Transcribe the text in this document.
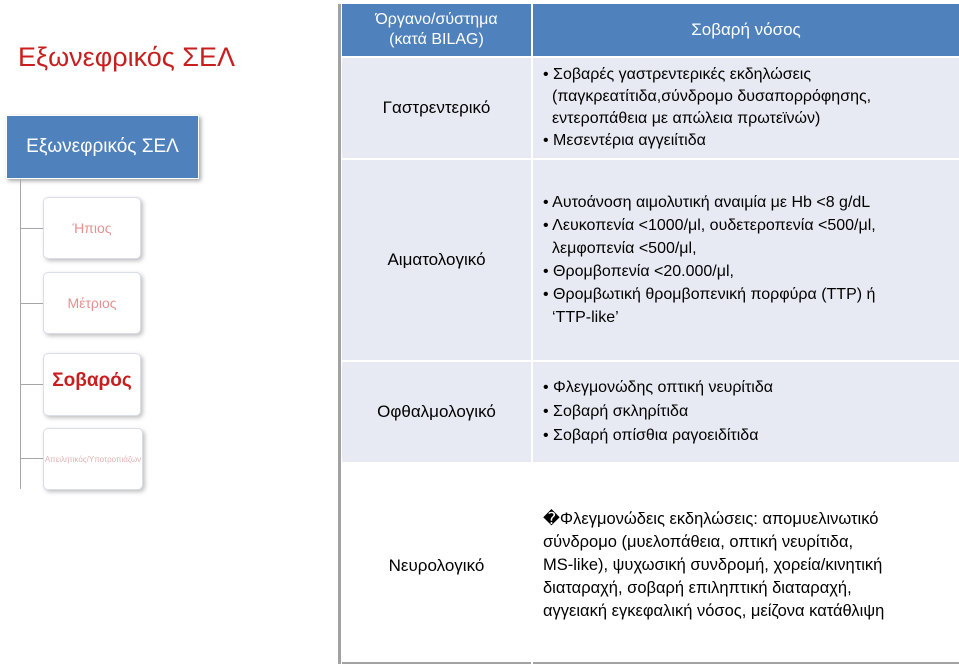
Εξωνεφρικός ΣΕΛ
Εξωνεφρικός ΣΕΛ
Ήπιος
Μέτριος
Σοβαρός
Απειλητικός/Υποτροπιάζων
Όργανο/σύστημα
(κατά BILAG)
Σοβαρή νόσος
Γαστρεντερικό
• Σοβαρές γαστρεντερικές εκδηλώσεις
(παγκρεατίτιδα,σύνδρομο δυσαπορρόφησης,
εντεροπάθεια με απώλεια πρωτεϊνών)
• Μεσεντέρια αγγειίτιδα
Αιματολογικό
• Αυτοάνοση αιμολυτική αναιμία με Hb <8 g/dL
• Λευκοπενία <1000/μl, ουδετεροπενία <500/μl,
λεμφοπενία <500/μl,
• Θρομβοπενία <20.000/μl,
• Θρομβωτική θρομβοπενική πορφύρα (TTP) ή
‘TTP-like’
Οφθαλμολογικό
• Φλεγμονώδης οπτική νευρίτιδα
• Σοβαρή σκληρίτιδα
• Σοβαρή οπίσθια ραγοειδίτιδα
Νευρολογικό
�Φλεγμονώδεις εκδηλώσεις: απομυελινωτικό
σύνδρομο (μυελοπάθεια, οπτική νευρίτιδα,
MS-like), ψυχωσική συνδρομή, χορεία/κινητική
διαταραχή, σοβαρή επιληπτική διαταραχή,
αγγειακή εγκεφαλική νόσος, μείζονα κατάθλιψη
